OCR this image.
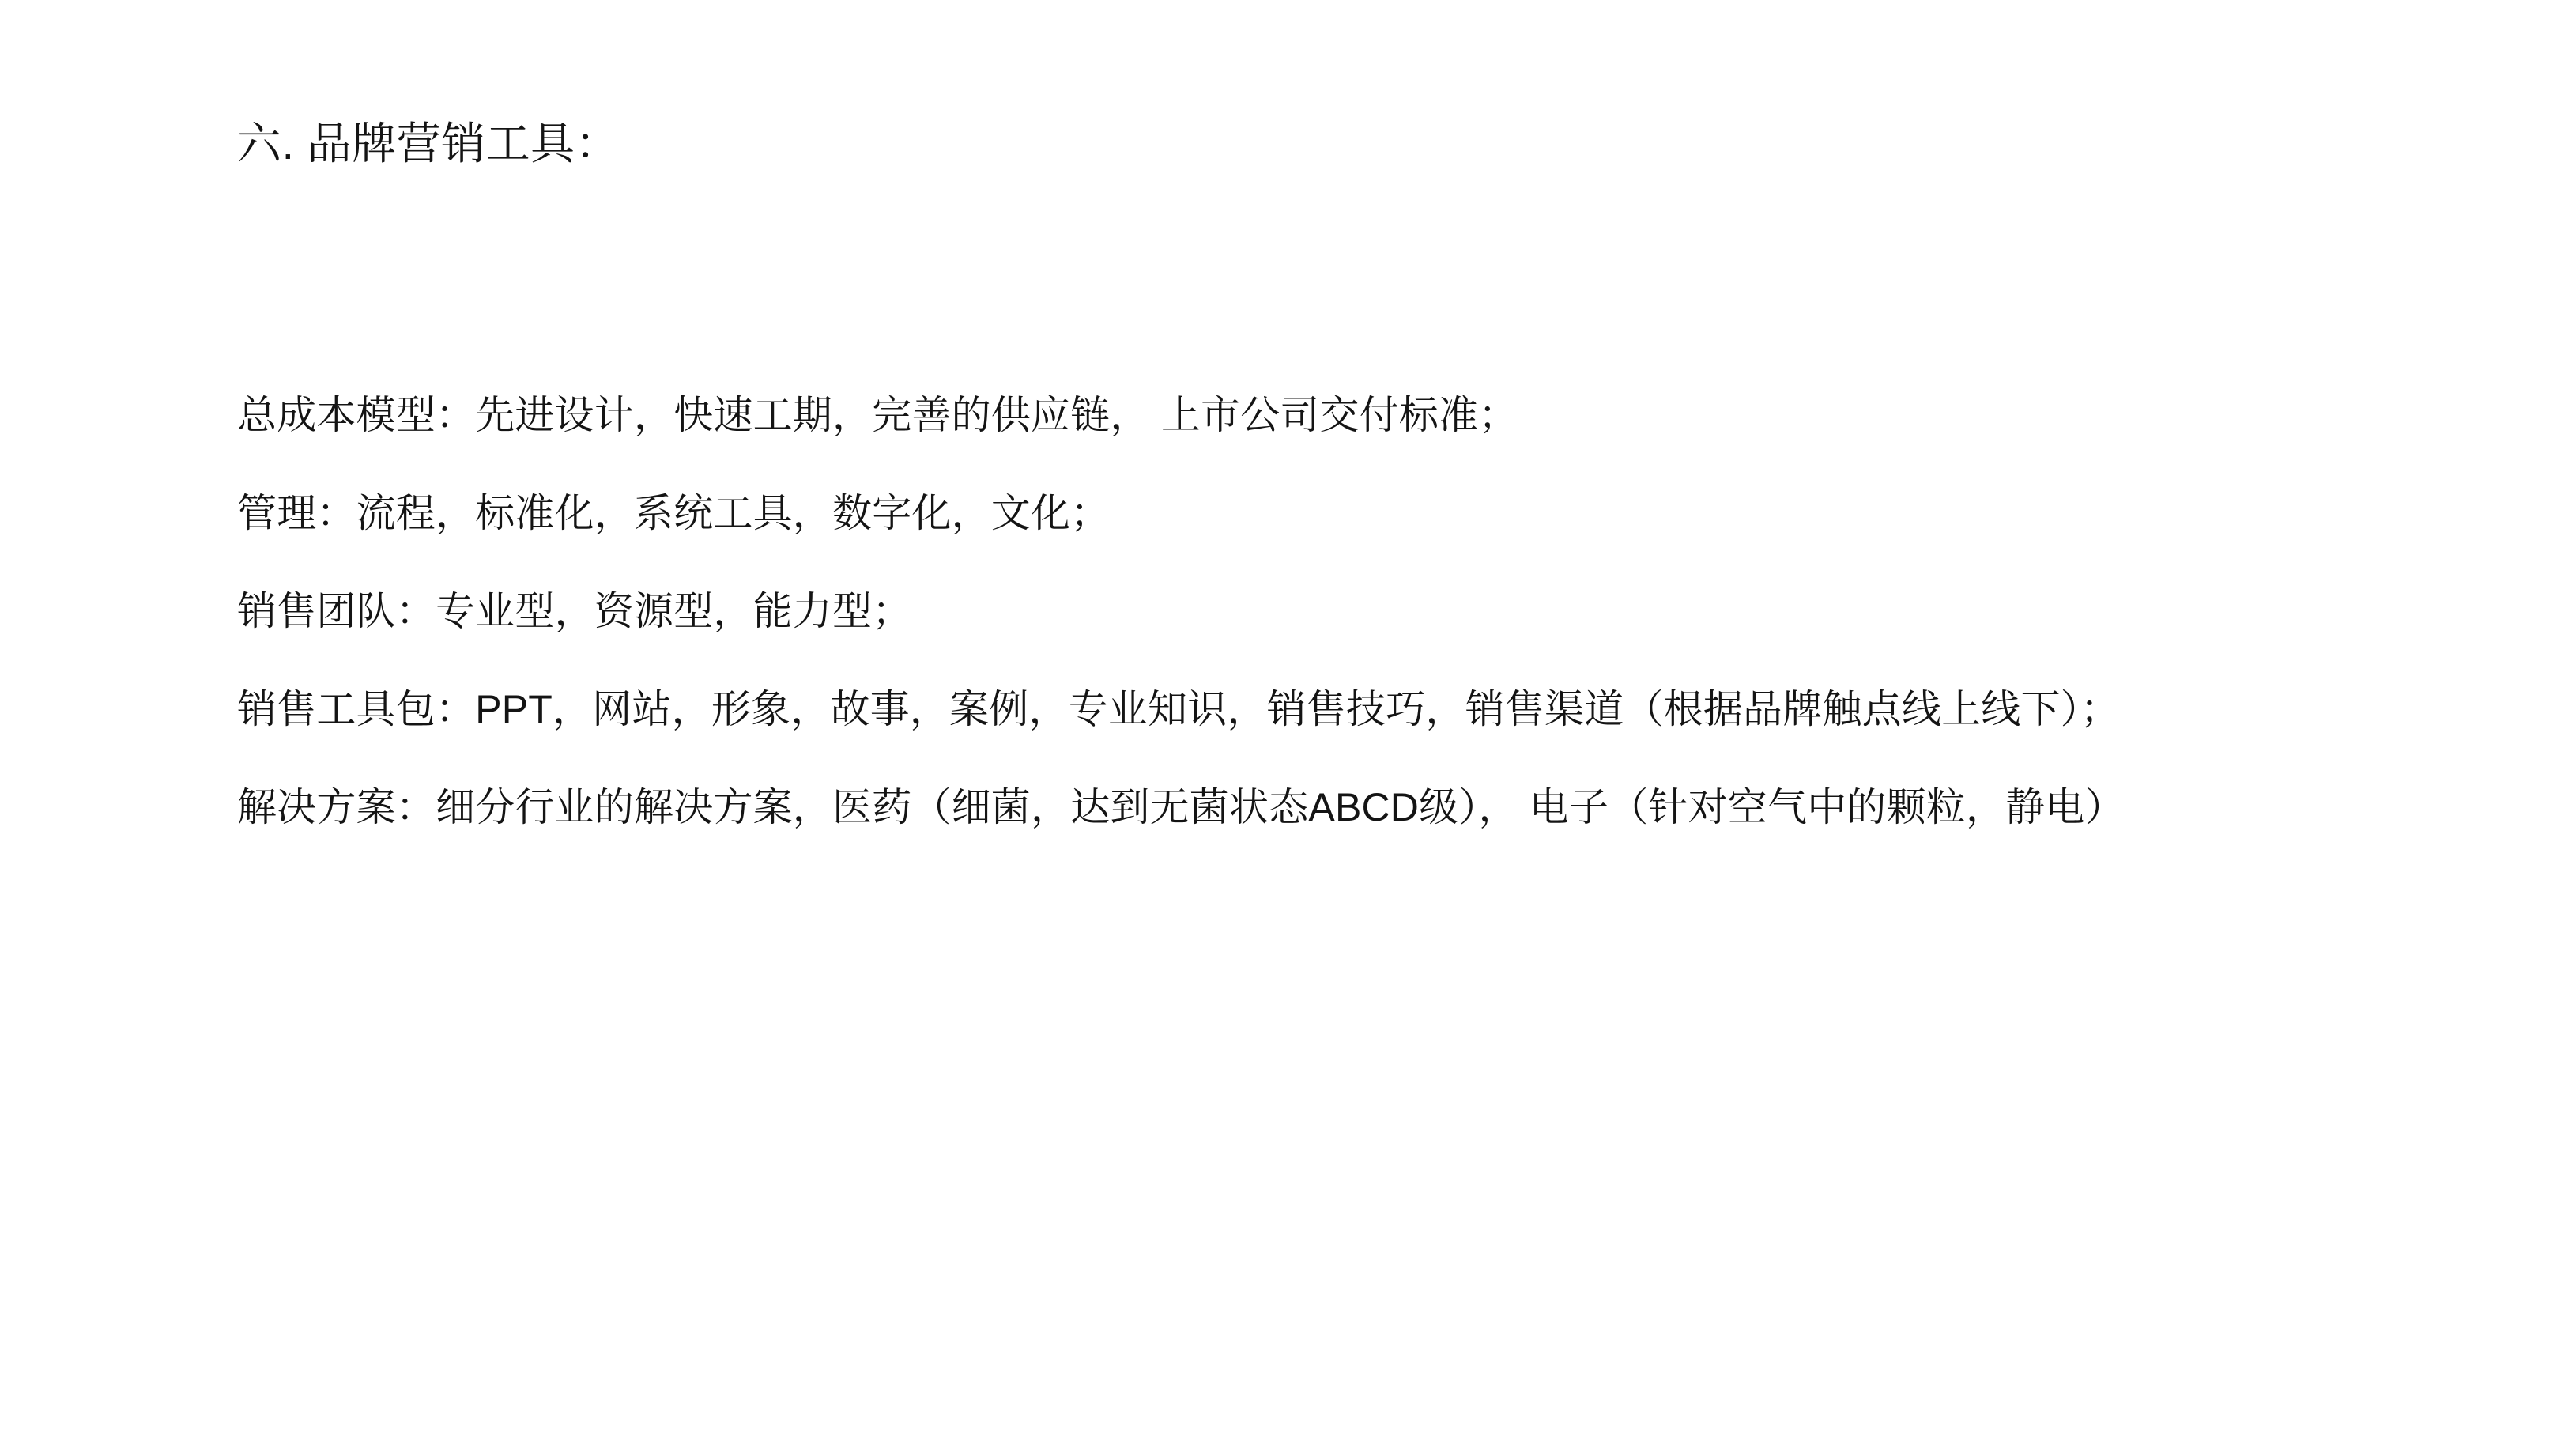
六. 品牌营销工具：

总成本模型：先进设计，快速工期，完善的供应链， 上市公司交付标准；

管理：流程，标准化，系统工具，数字化，文化；

销售团队：专业型，资源型，能力型；

销售工具包：PPT，网站，形象，故事，案例，专业知识，销售技巧，销售渠道（根据品牌触点线上线下）；

解决方案：细分行业的解决方案，医药（细菌，达到无菌状态ABCD级）， 电子（针对空气中的颗粒，静电）
